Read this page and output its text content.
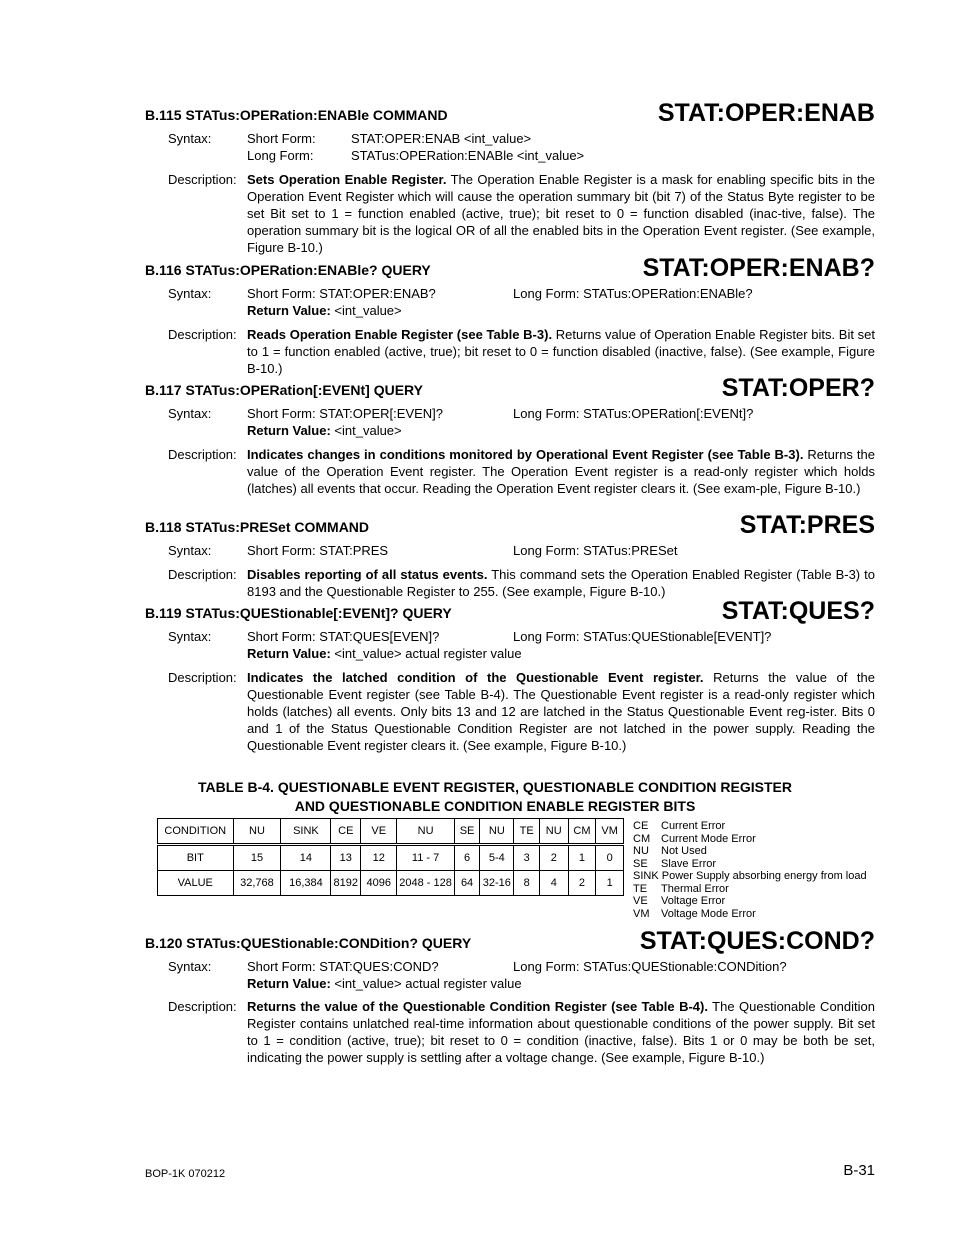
B.115 STATus:OPERation:ENABle COMMAND	STAT:OPER:ENAB
Syntax:	Short Form:	STAT:OPER:ENAB <int_value>
Long Form:	STATus:OPERation:ENABle <int_value>
Description: Sets Operation Enable Register. The Operation Enable Register is a mask for enabling specific bits in the Operation Event Register which will cause the operation summary bit (bit 7) of the Status Byte register to be set Bit set to 1 = function enabled (active, true); bit reset to 0 = function disabled (inac-tive, false). The operation summary bit is the logical OR of all the enabled bits in the Operation Event register. (See example, Figure B-10.)
B.116 STATus:OPERation:ENABle? QUERY	STAT:OPER:ENAB?
Syntax:	Short Form: STAT:OPER:ENAB?	Long Form: STATus:OPERation:ENABle?
Return Value: <int_value>
Description: Reads Operation Enable Register (see Table B-3). Returns value of Operation Enable Register bits. Bit set to 1 = function enabled (active, true); bit reset to 0 = function disabled (inactive, false). (See example, Figure B-10.)
B.117 STATus:OPERation[:EVENt] QUERY	STAT:OPER?
Syntax:	Short Form: STAT:OPER[:EVEN]?	Long Form: STATus:OPERation[:EVENt]?
Return Value: <int_value>
Description: Indicates changes in conditions monitored by Operational Event Register (see Table B-3). Returns the value of the Operation Event register. The Operation Event register is a read-only register which holds (latches) all events that occur. Reading the Operation Event register clears it. (See exam-ple, Figure B-10.)
B.118 STATus:PRESet COMMAND	STAT:PRES
Syntax:	Short Form: STAT:PRES	Long Form: STATus:PRESet
Description: Disables reporting of all status events. This command sets the Operation Enabled Register (Table B-3) to 8193 and the Questionable Register to 255. (See example, Figure B-10.)
B.119 STATus:QUEStionable[:EVENt]? QUERY	STAT:QUES?
Syntax:	Short Form: STAT:QUES[EVEN]?	Long Form: STATus:QUEStionable[EVENT]?
Return Value: <int_value> actual register value
Description: Indicates the latched condition of the Questionable Event register. Returns the value of the Questionable Event register (see Table B-4). The Questionable Event register is a read-only register which holds (latches) all events. Only bits 13 and 12 are latched in the Status Questionable Event reg-ister. Bits 0 and 1 of the Status Questionable Condition Register are not latched in the power supply. Reading the Questionable Event register clears it. (See example, Figure B-10.)
TABLE B-4. QUESTIONABLE EVENT REGISTER, QUESTIONABLE CONDITION REGISTER
AND QUESTIONABLE CONDITION ENABLE REGISTER BITS
CONDITION	NU	SINK	CE	VE	NU	SE	NU	TE	NU	CM	VM
BIT	15	14	13	12	11 - 7	6	5-4	3	2	1	0
VALUE	32,768	16,384	8192	4096	2048 - 128	64	32-16	8	4	2	1
CE Current Error
CM Current Mode Error
NU Not Used
SE Slave Error
SINK Power Supply absorbing energy from load
TE Thermal Error
VE Voltage Error
VM Voltage Mode Error
B.120 STATus:QUEStionable:CONDition? QUERY	STAT:QUES:COND?
Syntax:	Short Form: STAT:QUES:COND?	Long Form: STATus:QUEStionable:CONDition?
Return Value: <int_value> actual register value
Description: Returns the value of the Questionable Condition Register (see Table B-4). The Questionable Condition Register contains unlatched real-time information about questionable conditions of the power supply. Bit set to 1 = condition (active, true); bit reset to 0 = condition (inactive, false). Bits 1 or 0 may be both be set, indicating the power supply is settling after a voltage change. (See example, Figure B-10.)
BOP-1K 070212	B-31
